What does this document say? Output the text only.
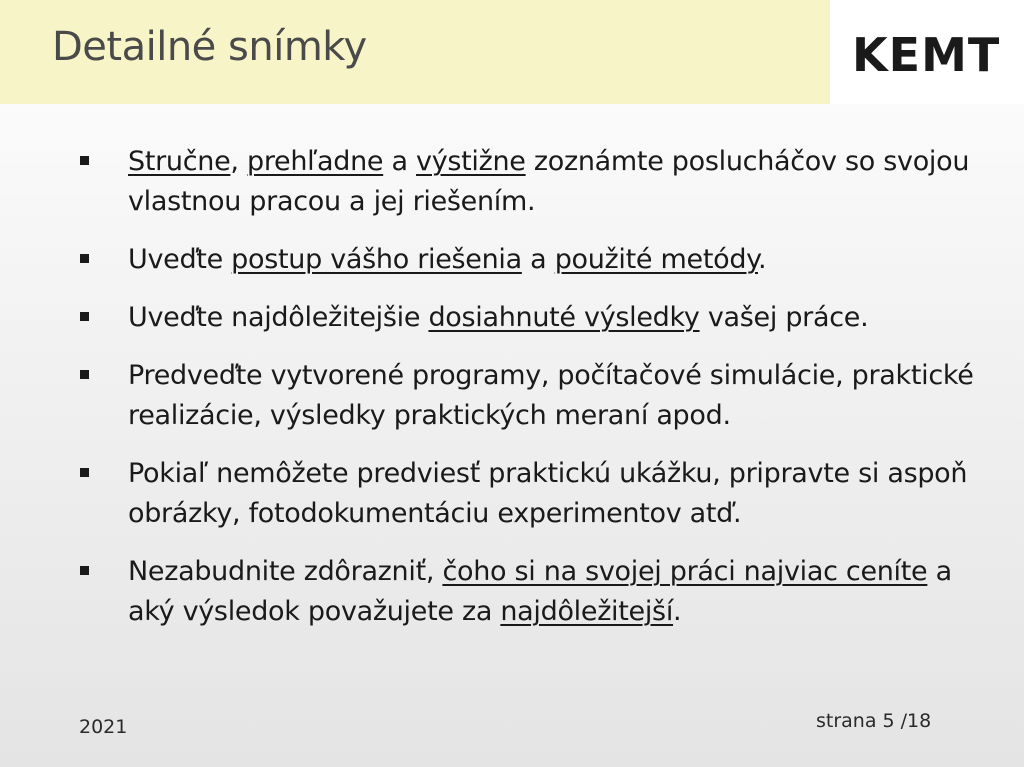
Detailné snímky	KEMT
Stručne, prehľadne a výstižne zoznámte poslucháčov so svojou vlastnou pracou a jej riešením.
Uveďte postup vášho riešenia a použité metódy.
Uveďte najdôležitejšie dosiahnuté výsledky vašej práce.
Predveďte vytvorené programy, počítačové simulácie, praktické realizácie, výsledky praktických meraní apod.
Pokiaľ nemôžete predviesť praktickú ukážku, pripravte si aspoň obrázky, fotodokumentáciu experimentov atď.
Nezabudnite zdôrazniť, čoho si na svojej práci najviac ceníte a aký výsledok považujete za najdôležitejší.
2021	strana 5 /18
